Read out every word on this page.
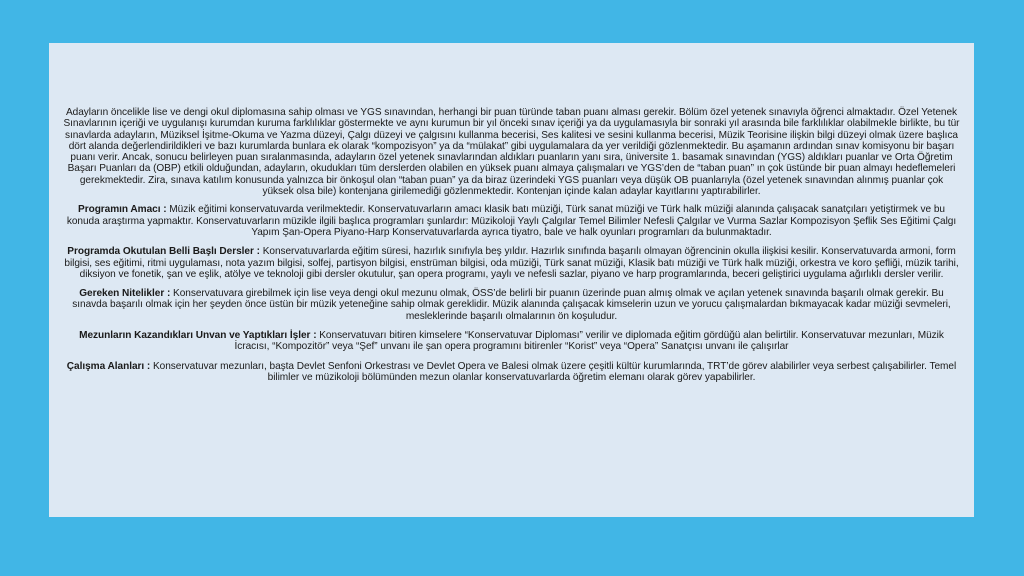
Adayların öncelikle lise ve dengi okul diplomasına sahip olması ve YGS sınavından, herhangi bir puan türünde taban puanı alması gerekir. Bölüm özel yetenek sınavıyla öğrenci almaktadır. Özel Yetenek Sınavlarının içeriği ve uygulanışı kurumdan kuruma farklılıklar göstermekte ve aynı kurumun bir yıl önceki sınav içeriği ya da uygulamasıyla bir sonraki yıl arasında bile farklılıklar olabilmekle birlikte, bu tür sınavlarda adayların, Müziksel İşitme-Okuma ve Yazma düzeyi, Çalgı düzeyi ve çalgısını kullanma becerisi, Ses kalitesi ve sesini kullanma becerisi, Müzik Teorisine ilişkin bilgi düzeyi olmak üzere başlıca dört alanda değerlendirildikleri ve bazı kurumlarda bunlara ek olarak “kompozisyon” ya da “mülakat” gibi uygulamalara da yer verildiği gözlenmektedir. Bu aşamanın ardından sınav komisyonu bir başarı puanı verir. Ancak, sonucu belirleyen puan sıralanmasında, adayların özel yetenek sınavlarından aldıkları puanların yanı sıra, üniversite 1. basamak sınavından (YGS) aldıkları puanlar ve Orta Öğretim Başarı Puanları da (OBP) etkili olduğundan, adayların, okudukları tüm derslerden olabilen en yüksek puanı almaya çalışmaları ve YGS’den de “taban puan” ın çok üstünde bir puan almayı hedeflemeleri gerekmektedir. Zira, sınava katılım konusunda yalnızca bir önkoşul olan “taban puan” ya da biraz üzerindeki YGS puanları veya düşük OB puanlarıyla (özel yetenek sınavından alınmış puanlar çok yüksek olsa bile) kontenjana girilemediği gözlenmektedir. Kontenjan içinde kalan adaylar kayıtlarını yaptırabilirler.

Programın Amacı : Müzik eğitimi konservatuvarda verilmektedir. Konservatuvarların amacı klasik batı müziği, Türk sanat müziği ve Türk halk müziği alanında çalışacak sanatçıları yetiştirmek ve bu konuda araştırma yapmaktır. Konservatuvarların müzikle ilgili başlıca programları şunlardır: Müzikoloji Yaylı Çalgılar Temel Bilimler Nefesli Çalgılar ve Vurma Sazlar Kompozisyon Şeflik Ses Eğitimi Çalgı Yapım Şan-Opera Piyano-Harp Konservatuvarlarda ayrıca tiyatro, bale ve halk oyunları programları da bulunmaktadır.

Programda Okutulan Belli Başlı Dersler : Konservatuvarlarda eğitim süresi, hazırlık sınıfıyla beş yıldır. Hazırlık sınıfında başarılı olmayan öğrencinin okulla ilişkisi kesilir. Konservatuvarda armoni, form bilgisi, ses eğitimi, ritmi uygulaması, nota yazım bilgisi, solfej, partisyon bilgisi, enstrüman bilgisi, oda müziği, Türk sanat müziği, Klasik batı müziği ve Türk halk müziği, orkestra ve koro şefliği, müzik tarihi, diksiyon ve fonetik, şan ve eşlik, atölye ve teknoloji gibi dersler okutulur, şan opera programı, yaylı ve nefesli sazlar, piyano ve harp programlarında, beceri geliştirici uygulama ağırlıklı dersler verilir.

Gereken Nitelikler : Konservatuvara girebilmek için lise veya dengi okul mezunu olmak, ÖSS’de belirli bir puanın üzerinde puan almış olmak ve açılan yetenek sınavında başarılı olmak gerekir. Bu sınavda başarılı olmak için her şeyden önce üstün bir müzik yeteneğine sahip olmak gereklidir. Müzik alanında çalışacak kimselerin uzun ve yorucu çalışmalardan bıkmayacak kadar müziği sevmeleri, mesleklerinde başarılı olmalarının ön koşuludur.

Mezunların Kazandıkları Unvan ve Yaptıkları İşler : Konservatuvarı bitiren kimselere “Konservatuvar Diploması” verilir ve diplomada eğitim gördüğü alan belirtilir. Konservatuvar mezunları, Müzik İcracısı, “Kompozitör” veya “Şef” unvanı ile şan opera programını bitirenler “Korist” veya “Opera” Sanatçısı unvanı ile çalışırlar

Çalışma Alanları : Konservatuvar mezunları, başta Devlet Senfoni Orkestrası ve Devlet Opera ve Balesi olmak üzere çeşitli kültür kurumlarında, TRT’de görev alabilirler veya serbest çalışabilirler. Temel bilimler ve müzikoloji bölümünden mezun olanlar konservatuvarlarda öğretim elemanı olarak görev yapabilirler.
